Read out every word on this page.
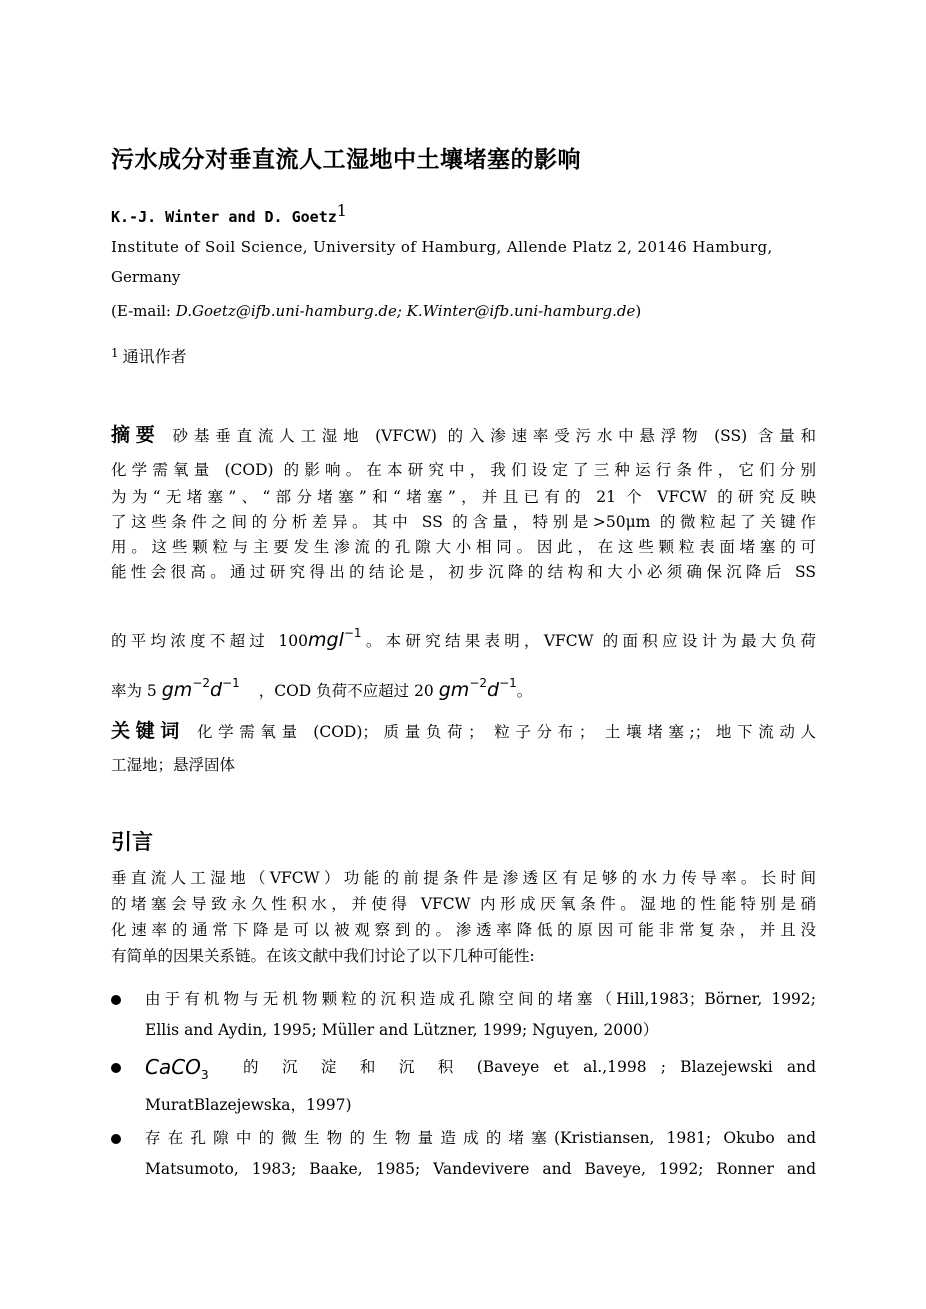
污水成分对垂直流人工湿地中土壤堵塞的影响
K.-J. Winter and D. Goetz$^1$
Institute of Soil Science, University of Hamburg, Allende Platz 2, 20146 Hamburg,
Germany
(E-mail: D.Goetz@ifb.uni-hamburg.de; K.Winter@ifb.uni-hamburg.de)
$^1$ 通讯作者
摘要 砂基垂直流人工湿地 (VFCW) 的入渗速率受污水中悬浮物 (SS) 含量和
化学需氧量 (COD) 的影响。在本研究中，我们设定了三种运行条件，它们分别
为为“无堵塞”、“部分堵塞”和“堵塞”，并且已有的 21 个 VFCW 的研究反映
了这些条件之间的分析差异。其中 SS 的含量，特别是>50μm 的微粒起了关键作
用。这些颗粒与主要发生渗流的孔隙大小相同。因此，在这些颗粒表面堵塞的可
能性会很高。通过研究得出的结论是，初步沉降的结构和大小必须确保沉降后 SS
的平均浓度不超过 100mgl$^{-1}$。本研究结果表明，VFCW 的面积应设计为最大负荷
率为 5 $gm^{-2}d^{-1}$ ，COD 负荷不应超过 20 $gm^{-2}d^{-1}$。
关键词 化学需氧量 (COD)；质量负荷； 粒子分布； 土壤堵塞;；地下流动人
工湿地；悬浮固体
引言
垂直流人工湿地（VFCW）功能的前提条件是渗透区有足够的水力传导率。长时间
的堵塞会导致永久性积水，并使得 VFCW 内形成厌氧条件。湿地的性能特别是硝
化速率的通常下降是可以被观察到的。渗透率降低的原因可能非常复杂，并且没
有简单的因果关系链。在该文献中我们讨论了以下几种可能性:
由于有机物与无机物颗粒的沉积造成孔隙空间的堵塞（Hill,1983；Börner, 1992;
Ellis and Aydin, 1995; Müller and Lützner, 1999; Nguyen, 2000）
CaCO$_3$ 的 沉 淀 和 沉 积 (Baveye et al.,1998 ; Blazejewski and
MuratBlazejewska，1997)
存在孔隙中的微生物的生物量造成的堵塞(Kristiansen, 1981; Okubo and
Matsumoto, 1983; Baake, 1985; Vandevivere and Baveye, 1992; Ronner and
